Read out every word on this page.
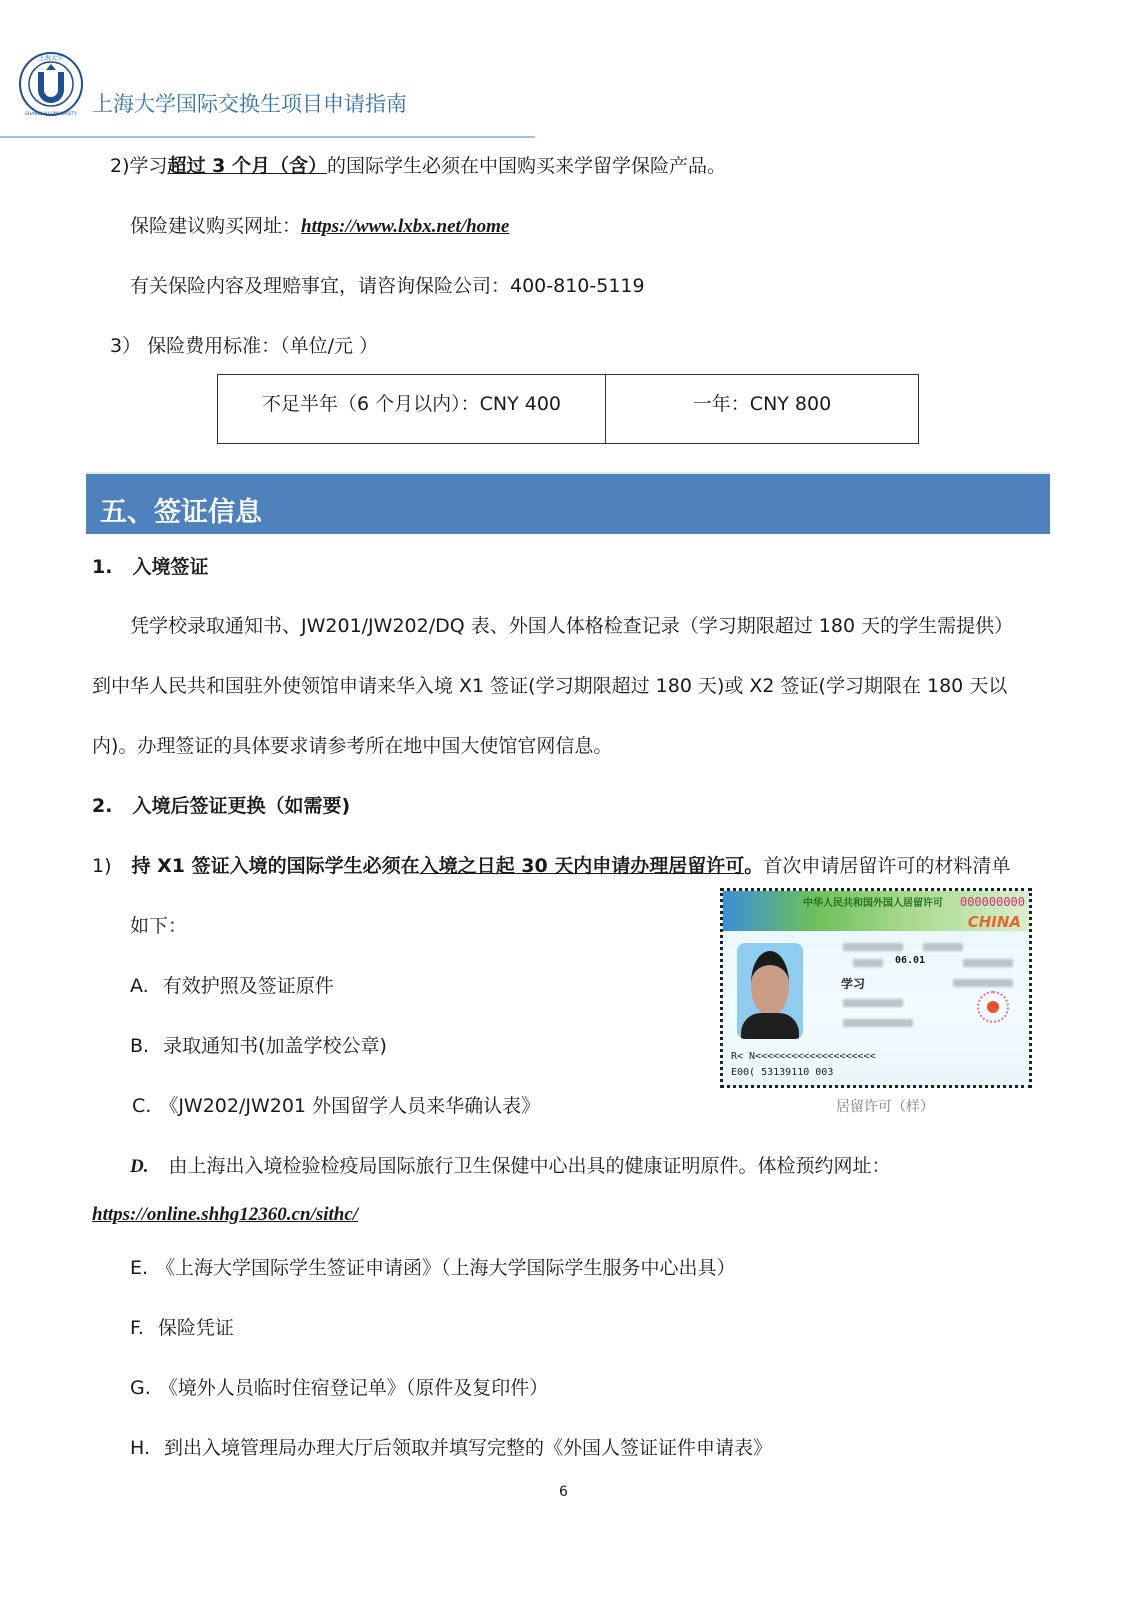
上海大学
SHANGHAI UNIVERSITY 上海大学国际交换生项目申请指南
2)学习超过 3 个月（含）的国际学生必须在中国购买来学留学保险产品。
保险建议购买网址：https://www.lxbx.net/home
有关保险内容及理赔事宜，请咨询保险公司：400-810-5119
3） 保险费用标准：（单位/元 ）
不足半年（6 个月以内）：CNY 400	一年：CNY 800
五、签证信息
1. 入境签证
凭学校录取通知书、JW201/JW202/DQ 表、外国人体格检查记录（学习期限超过 180 天的学生需提供）
到中华人民共和国驻外使领馆申请来华入境 X1 签证(学习期限超过 180 天)或 X2 签证(学习期限在 180 天以
内)。办理签证的具体要求请参考所在地中国大使馆官网信息。
2. 入境后签证更换（如需要)
1) 持 X1 签证入境的国际学生必须在入境之日起 30 天内申请办理居留许可。首次申请居留许可的材料清单
如下：
A. 有效护照及签证原件
B. 录取通知书(加盖学校公章)
C. 《JW202/JW201 外国留学人员来华确认表》
D. 由上海出入境检验检疫局国际旅行卫生保健中心出具的健康证明原件。体检预约网址：
https://online.shhg12360.cn/sithc/
E. 《上海大学国际学生签证申请函》（上海大学国际学生服务中心出具）
F. 保险凭证
G. 《境外人员临时住宿登记单》（原件及复印件）
H. 到出入境管理局办理大厅后领取并填写完整的《外国人签证证件申请表》
中华人民共和国外国人居留许可 000000000
CHINA
06.01
学习
R< N<<<<<<<<<<<<<<<<<<<<
E00( 53139110 003
居留许可（样）
6
